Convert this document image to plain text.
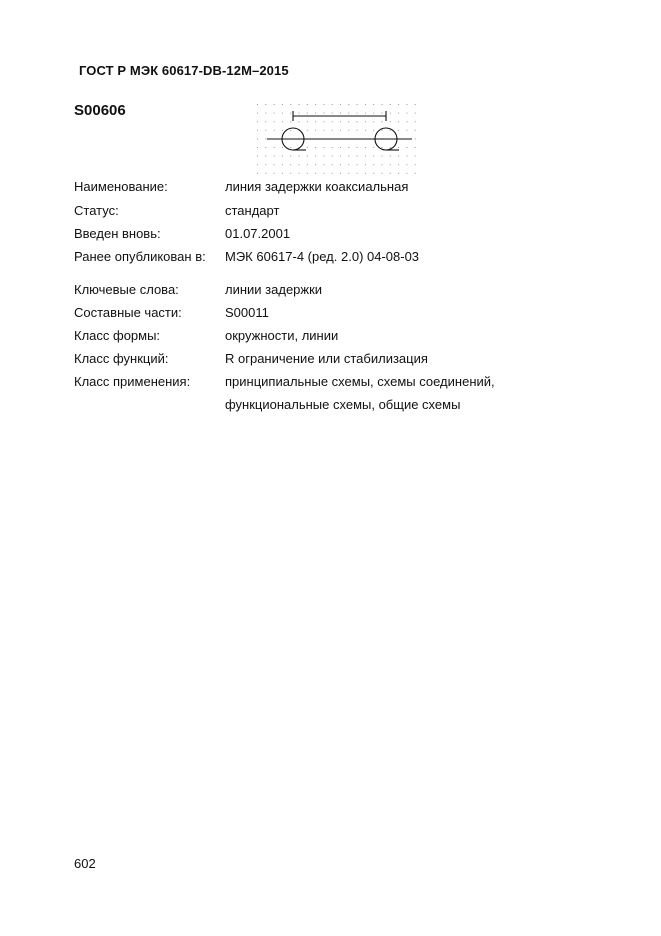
ГОСТ Р МЭК 60617-DB-12M–2015
S00606
Наименование:	линия задержки коаксиальная
Статус:	стандарт
Введен вновь:	01.07.2001
Ранее опубликован в: МЭК 60617-4 (ред. 2.0) 04-08-03
Ключевые слова:	линии задержки
Составные части:	S00011
Класс формы:	окружности, линии
Класс функций:	R ограничение или стабилизация
Класс применения:	принципиальные схемы, схемы соединений,
функциональные схемы, общие схемы
602
